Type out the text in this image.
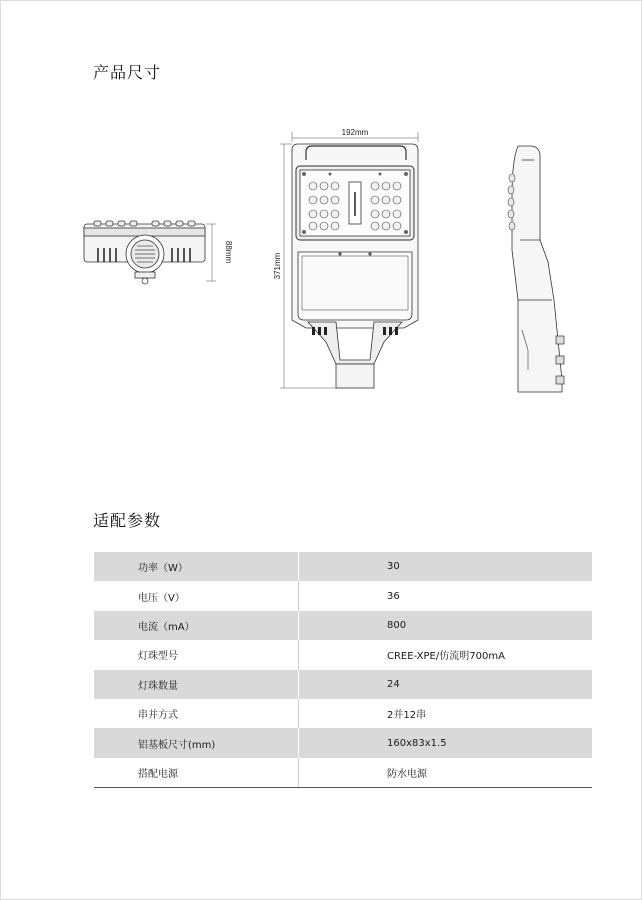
产品尺寸
88mm
192mm
371mm
适配参数
功率（W）	30
电压（V）	36
电流（mA）	800
灯珠型号	CREE-XPE/仿流明700mA
灯珠数量	24
串并方式	2并12串
铝基板尺寸(mm)	160x83x1.5
搭配电源	防水电源
